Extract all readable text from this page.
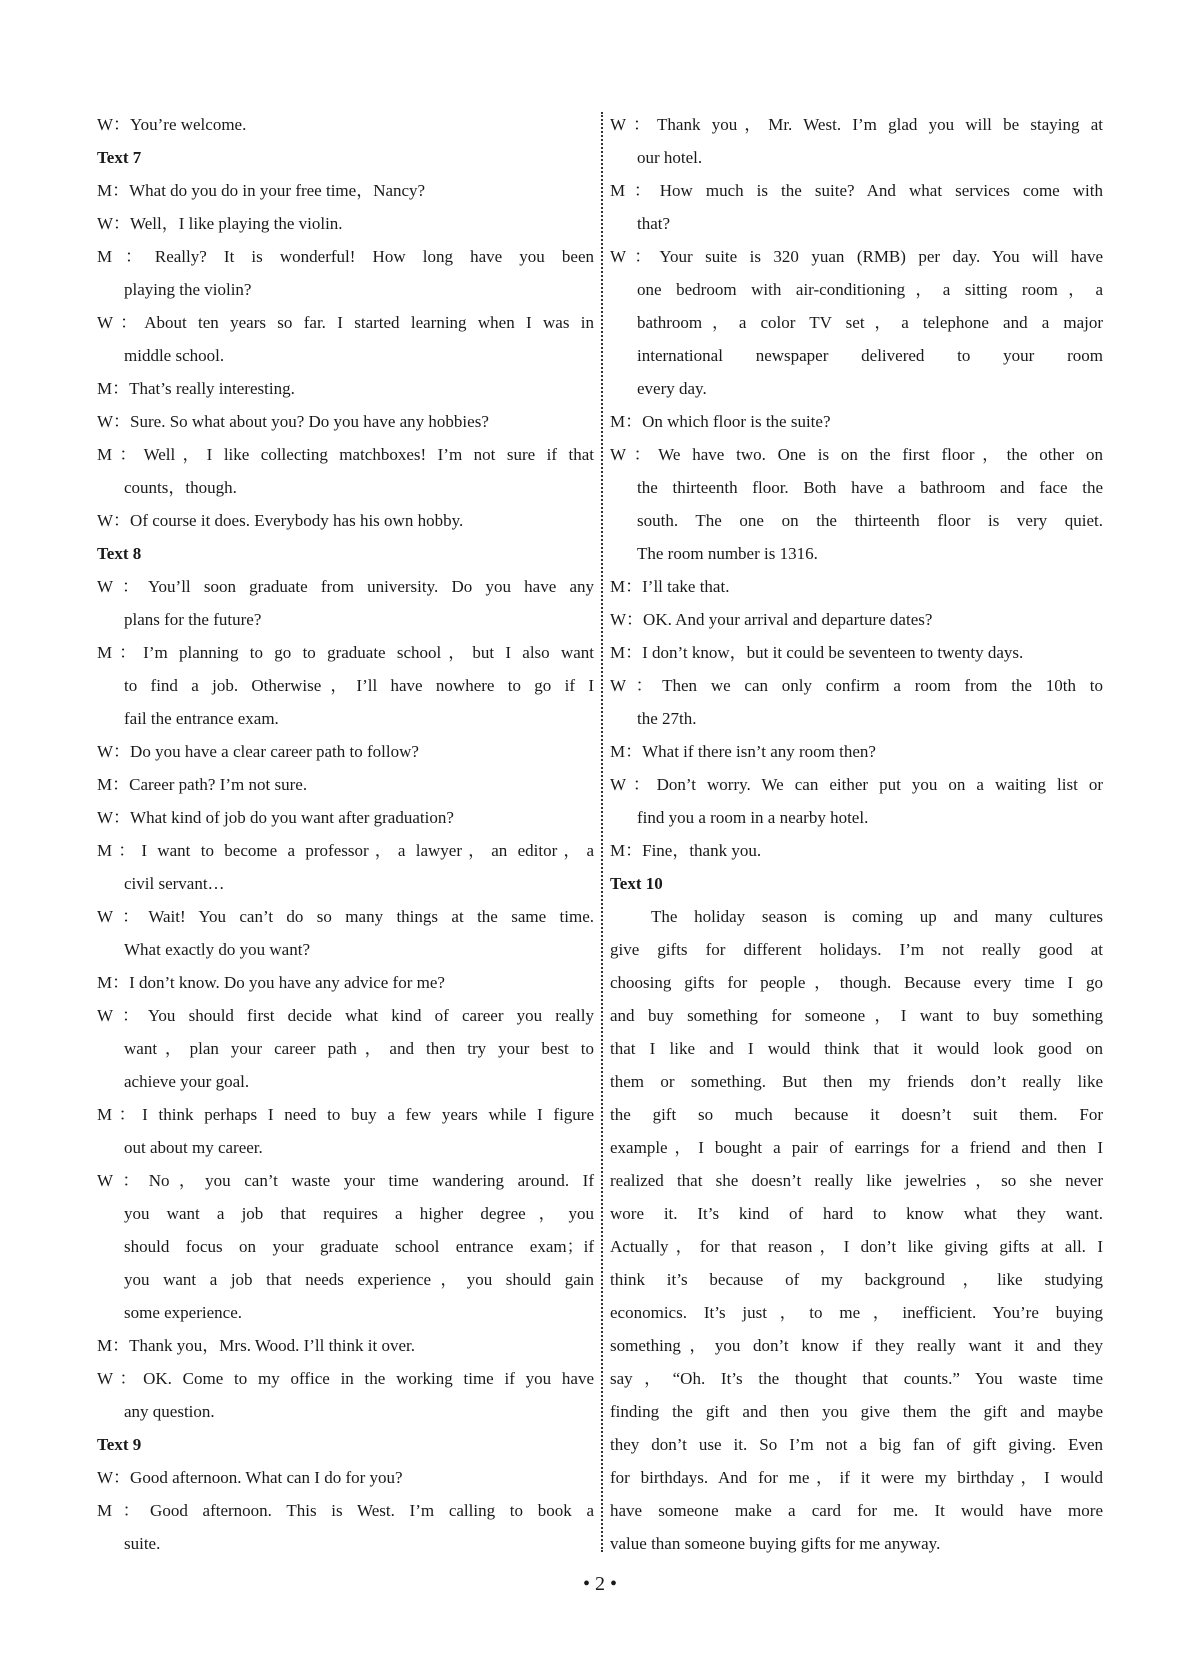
W：You’re welcome.
Text 7
M：What do you do in your free time，Nancy?
W：Well，I like playing the violin.
M：Really? It is wonderful! How long have you been
playing the violin?
W：About ten years so far. I started learning when I was in
middle school.
M：That’s really interesting.
W：Sure. So what about you? Do you have any hobbies?
M：Well，I like collecting matchboxes! I’m not sure if that
counts，though.
W：Of course it does. Everybody has his own hobby.
Text 8
W：You’ll soon graduate from university. Do you have any
plans for the future?
M：I’m planning to go to graduate school，but I also want
to find a job. Otherwise，I’ll have nowhere to go if I
fail the entrance exam.
W：Do you have a clear career path to follow?
M：Career path? I’m not sure.
W：What kind of job do you want after graduation?
M：I want to become a professor，a lawyer，an editor，a
civil servant…
W：Wait! You can’t do so many things at the same time.
What exactly do you want?
M：I don’t know. Do you have any advice for me?
W：You should first decide what kind of career you really
want，plan your career path，and then try your best to
achieve your goal.
M：I think perhaps I need to buy a few years while I figure
out about my career.
W：No，you can’t waste your time wandering around. If
you want a job that requires a higher degree，you
should focus on your graduate school entrance exam；if
you want a job that needs experience，you should gain
some experience.
M：Thank you，Mrs. Wood. I’ll think it over.
W：OK. Come to my office in the working time if you have
any question.
Text 9
W：Good afternoon. What can I do for you?
M：Good afternoon. This is West. I’m calling to book a
suite.
W：Thank you，Mr. West. I’m glad you will be staying at
our hotel.
M：How much is the suite? And what services come with
that?
W：Your suite is 320 yuan (RMB) per day. You will have
one bedroom with air-conditioning，a sitting room，a
bathroom，a color TV set，a telephone and a major
international newspaper delivered to your room
every day.
M：On which floor is the suite?
W：We have two. One is on the first floor，the other on
the thirteenth floor. Both have a bathroom and face the
south. The one on the thirteenth floor is very quiet.
The room number is 1316.
M：I’ll take that.
W：OK. And your arrival and departure dates?
M：I don’t know，but it could be seventeen to twenty days.
W：Then we can only confirm a room from the 10th to
the 27th.
M：What if there isn’t any room then?
W：Don’t worry. We can either put you on a waiting list or
find you a room in a nearby hotel.
M：Fine，thank you.
Text 10
The holiday season is coming up and many cultures
give gifts for different holidays. I’m not really good at
choosing gifts for people，though. Because every time I go
and buy something for someone，I want to buy something
that I like and I would think that it would look good on
them or something. But then my friends don’t really like
the gift so much because it doesn’t suit them. For
example，I bought a pair of earrings for a friend and then I
realized that she doesn’t really like jewelries，so she never
wore it. It’s kind of hard to know what they want.
Actually，for that reason，I don’t like giving gifts at all. I
think it’s because of my background，like studying
economics. It’s just，to me，inefficient. You’re buying
something，you don’t know if they really want it and they
say，“Oh. It’s the thought that counts.” You waste time
finding the gift and then you give them the gift and maybe
they don’t use it. So I’m not a big fan of gift giving. Even
for birthdays. And for me，if it were my birthday，I would
have someone make a card for me. It would have more
value than someone buying gifts for me anyway.
• 2 •
